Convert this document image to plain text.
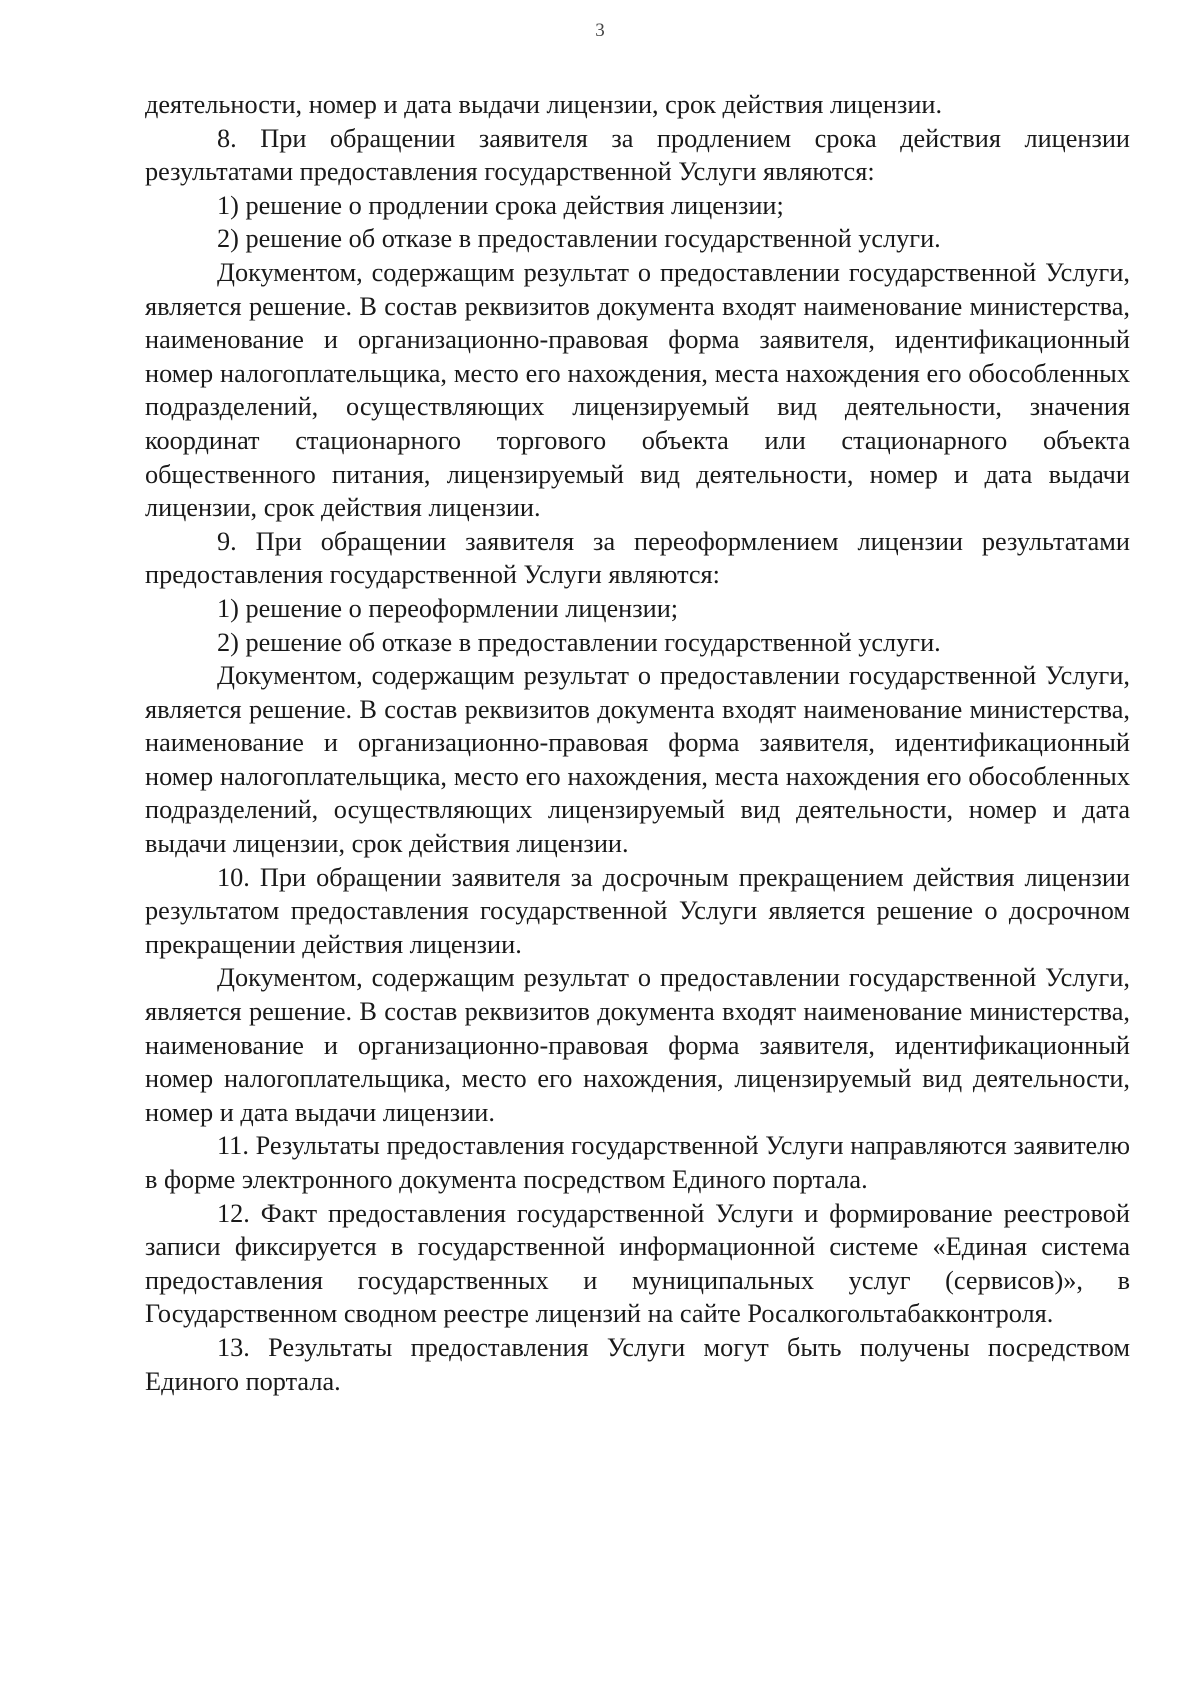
3

деятельности, номер и дата выдачи лицензии, срок действия лицензии.

8. При обращении заявителя за продлением срока действия лицензии результатами предоставления государственной Услуги являются:

1) решение о продлении срока действия лицензии;

2) решение об отказе в предоставлении государственной услуги.

Документом, содержащим результат о предоставлении государственной Услуги, является решение. В состав реквизитов документа входят наименование министерства, наименование и организационно-правовая форма заявителя, идентификационный номер налогоплательщика, место его нахождения, места нахождения его обособленных подразделений, осуществляющих лицензируемый вид деятельности, значения координат стационарного торгового объекта или стационарного объекта общественного питания, лицензируемый вид деятельности, номер и дата выдачи лицензии, срок действия лицензии.

9. При обращении заявителя за переоформлением лицензии результатами предоставления государственной Услуги являются:

1) решение о переоформлении лицензии;

2) решение об отказе в предоставлении государственной услуги.

Документом, содержащим результат о предоставлении государственной Услуги, является решение. В состав реквизитов документа входят наименование министерства, наименование и организационно-правовая форма заявителя, идентификационный номер налогоплательщика, место его нахождения, места нахождения его обособленных подразделений, осуществляющих лицензируемый вид деятельности, номер и дата выдачи лицензии, срок действия лицензии.

10. При обращении заявителя за досрочным прекращением действия лицензии результатом предоставления государственной Услуги является решение о досрочном прекращении действия лицензии.

Документом, содержащим результат о предоставлении государственной Услуги, является решение. В состав реквизитов документа входят наименование министерства, наименование и организационно-правовая форма заявителя, идентификационный номер налогоплательщика, место его нахождения, лицензируемый вид деятельности, номер и дата выдачи лицензии.

11. Результаты предоставления государственной Услуги направляются заявителю в форме электронного документа посредством Единого портала.

12. Факт предоставления государственной Услуги и формирование реестровой записи фиксируется в государственной информационной системе «Единая система предоставления государственных и муниципальных услуг (сервисов)», в Государственном сводном реестре лицензий на сайте Росалкогольтабакконтроля.

13. Результаты предоставления Услуги могут быть получены посредством Единого портала.
